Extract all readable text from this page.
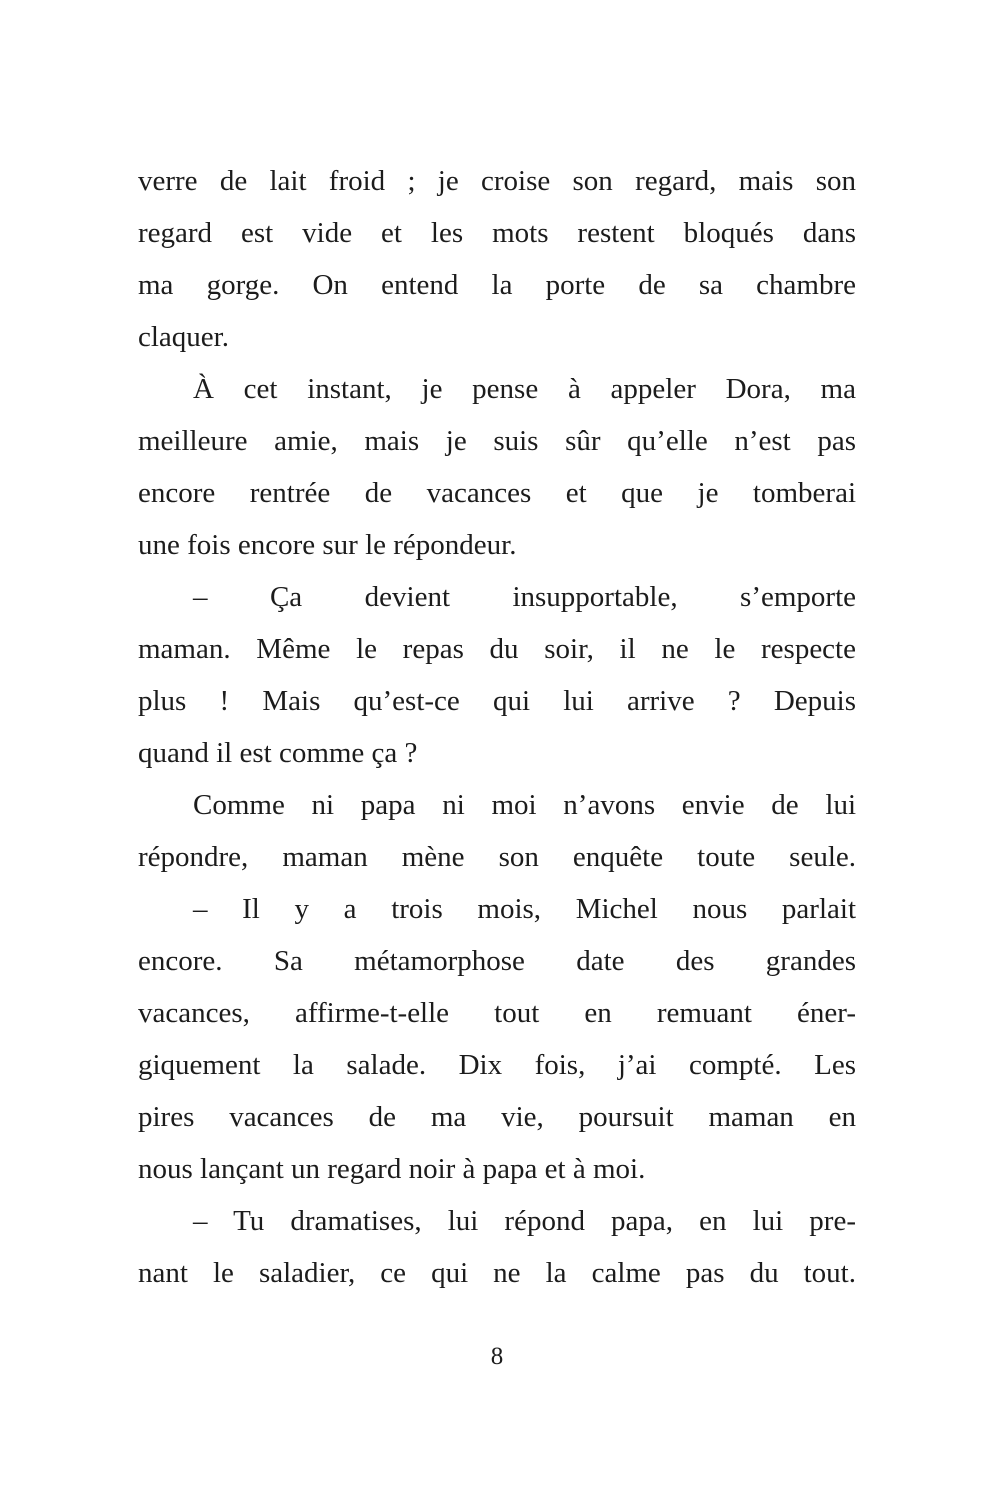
verre de lait froid ; je croise son regard, mais son
regard est vide et les mots restent bloqués dans
ma gorge. On entend la porte de sa chambre
claquer.
À cet instant, je pense à appeler Dora, ma
meilleure amie, mais je suis sûr qu’elle n’est pas
encore rentrée de vacances et que je tomberai
une fois encore sur le répondeur.
– Ça devient insupportable, s’emporte
maman. Même le repas du soir, il ne le respecte
plus ! Mais qu’est-ce qui lui arrive ? Depuis
quand il est comme ça ?
Comme ni papa ni moi n’avons envie de lui
répondre, maman mène son enquête toute seule.
– Il y a trois mois, Michel nous parlait
encore. Sa métamorphose date des grandes
vacances, affirme-t-elle tout en remuant éner-
giquement la salade. Dix fois, j’ai compté. Les
pires vacances de ma vie, poursuit maman en
nous lançant un regard noir à papa et à moi.
– Tu dramatises, lui répond papa, en lui pre-
nant le saladier, ce qui ne la calme pas du tout.
8
